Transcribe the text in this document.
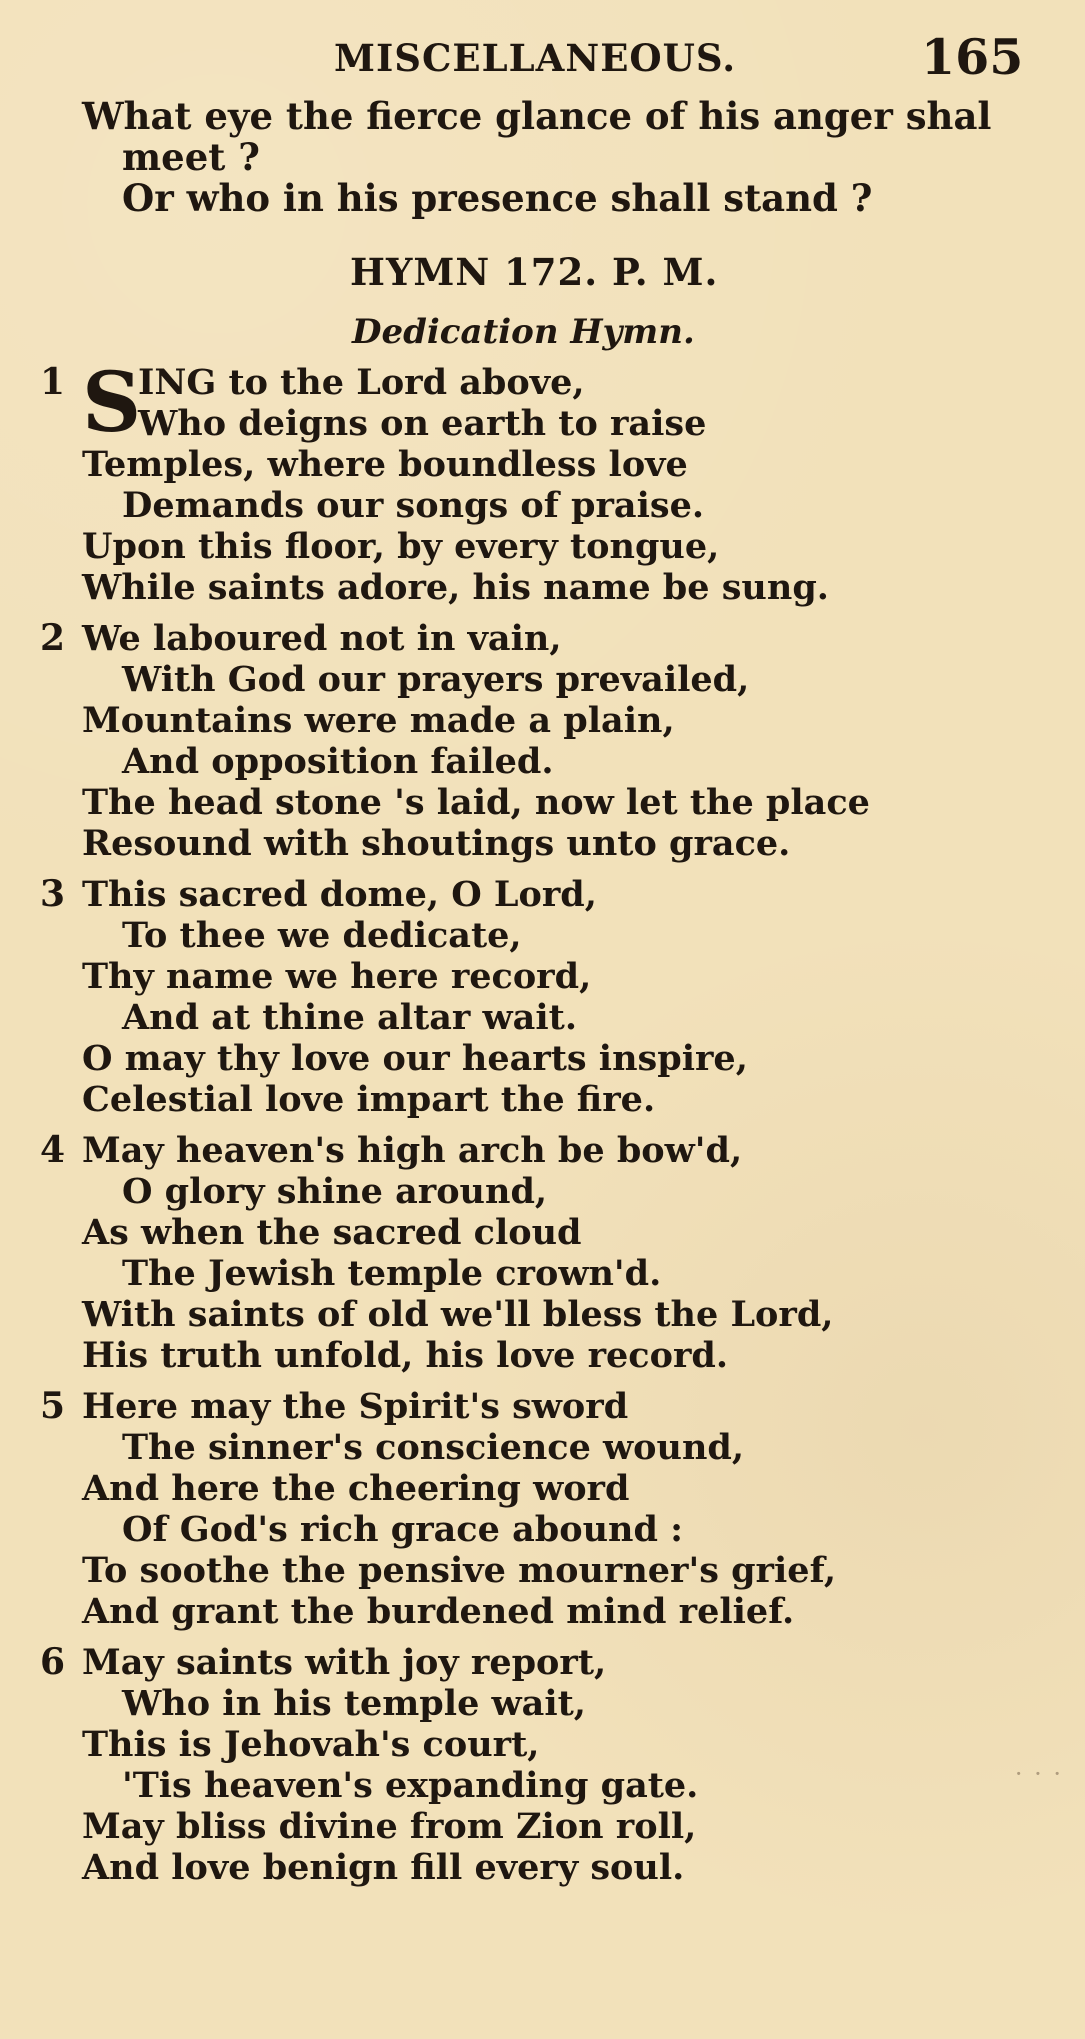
MISCELLANEOUS.	165
What eye the fierce glance of his anger shal
meet ?
Or who in his presence shall stand ?
HYMN 172. P. M.
Dedication Hymn.
1 S
ING to the Lord above,
Who deigns on earth to raise
Temples, where boundless love
Demands our songs of praise.
Upon this floor, by every tongue,
While saints adore, his name be sung.
2 We laboured not in vain,
With God our prayers prevailed,
Mountains were made a plain,
And opposition failed.
The head stone 's laid, now let the place
Resound with shoutings unto grace.
3 This sacred dome, O Lord,
To thee we dedicate,
Thy name we here record,
And at thine altar wait.
O may thy love our hearts inspire,
Celestial love impart the fire.
4 May heaven's high arch be bow'd,
O glory shine around,
As when the sacred cloud
The Jewish temple crown'd.
With saints of old we'll bless the Lord,
His truth unfold, his love record.
5 Here may the Spirit's sword
The sinner's conscience wound,
And here the cheering word
Of God's rich grace abound :
To soothe the pensive mourner's grief,
And grant the burdened mind relief.
6 May saints with joy report,
Who in his temple wait,
This is Jehovah's court,
'Tis heaven's expanding gate.
May bliss divine from Zion roll,
And love benign fill every soul.
· · ·
